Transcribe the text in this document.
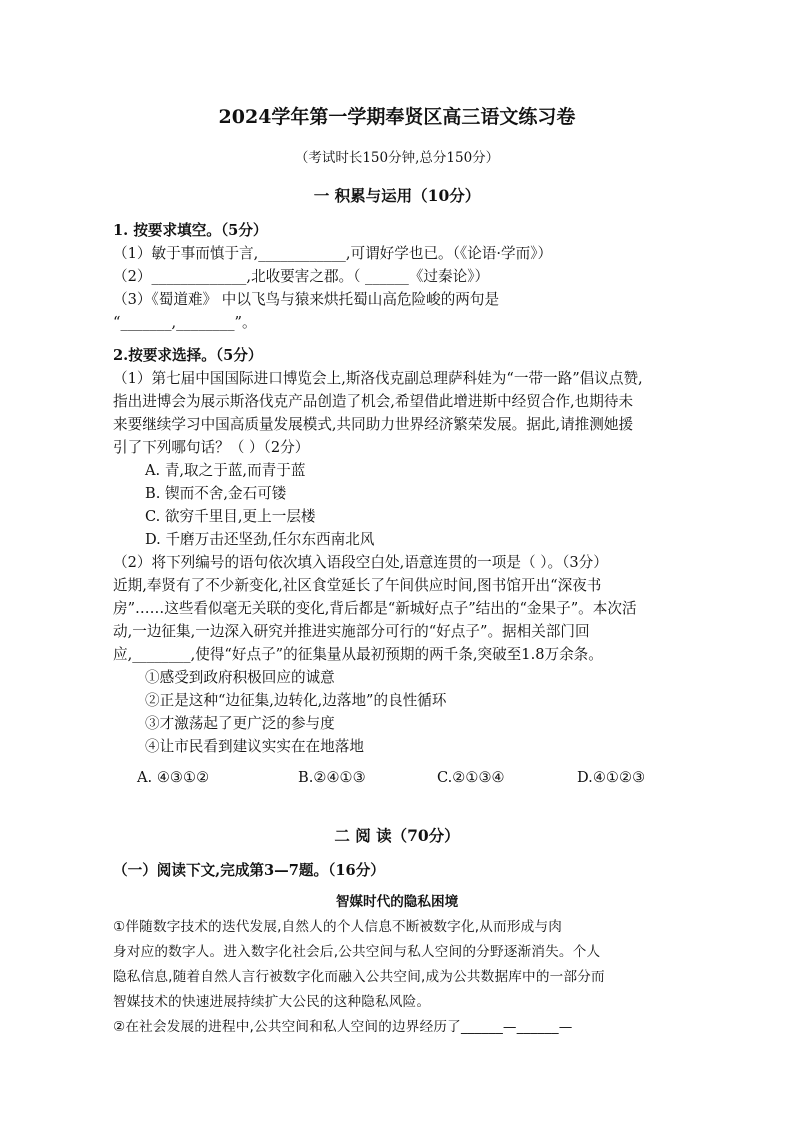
2024学年第一学期奉贤区高三语文练习卷
（考试时长150分钟,总分150分）
一 积累与运用（10分）
1. 按要求填空。（5分）
（1）敏于事而慎于言,____________,可谓好学也已。（《论语·学而》）
（2）_____________,北收要害之郡。（ ______《过秦论》）
（3）《蜀道难》 中以飞鸟与猿来烘托蜀山高危险峻的两句是
“_______,________”。
2.按要求选择。（5分）
（1）第七届中国国际进口博览会上,斯洛伐克副总理萨科娃为“一带一路”倡议点赞,
指出进博会为展示斯洛伐克产品创造了机会,希望借此增进斯中经贸合作,也期待未
来要继续学习中国高质量发展模式,共同助力世界经济繁荣发展。据此,请推测她援
引了下列哪句话？（ ）（2分）
A. 青,取之于蓝,而青于蓝
B. 锲而不舍,金石可镂
C. 欲穷千里目,更上一层楼
D. 千磨万击还坚劲,任尔东西南北风
（2）将下列编号的语句依次填入语段空白处,语意连贯的一项是（ ）。（3分）
近期,奉贤有了不少新变化,社区食堂延长了午间供应时间,图书馆开出“深夜书
房”……这些看似毫无关联的变化,背后都是“新城好点子”结出的“金果子”。本次活
动,一边征集,一边深入研究并推进实施部分可行的“好点子”。据相关部门回
应,________,使得“好点子”的征集量从最初预期的两千条,突破至1.8万余条。
①感受到政府积极回应的诚意
②正是这种“边征集,边转化,边落地”的良性循环
③才激荡起了更广泛的参与度
④让市民看到建议实实在在地落地
A. ④③①②	B.②④①③	C.②①③④	D.④①②③
二 阅 读（70分）
（一）阅读下文,完成第3—7题。（16分）
智媒时代的隐私困境
①伴随数字技术的迭代发展,自然人的个人信息不断被数字化,从而形成与肉
身对应的数字人。进入数字化社会后,公共空间与私人空间的分野逐渐消失。个人
隐私信息,随着自然人言行被数字化而融入公共空间,成为公共数据库中的一部分而
智媒技术的快速进展持续扩大公民的这种隐私风险。
②在社会发展的进程中,公共空间和私人空间的边界经历了______—______—
